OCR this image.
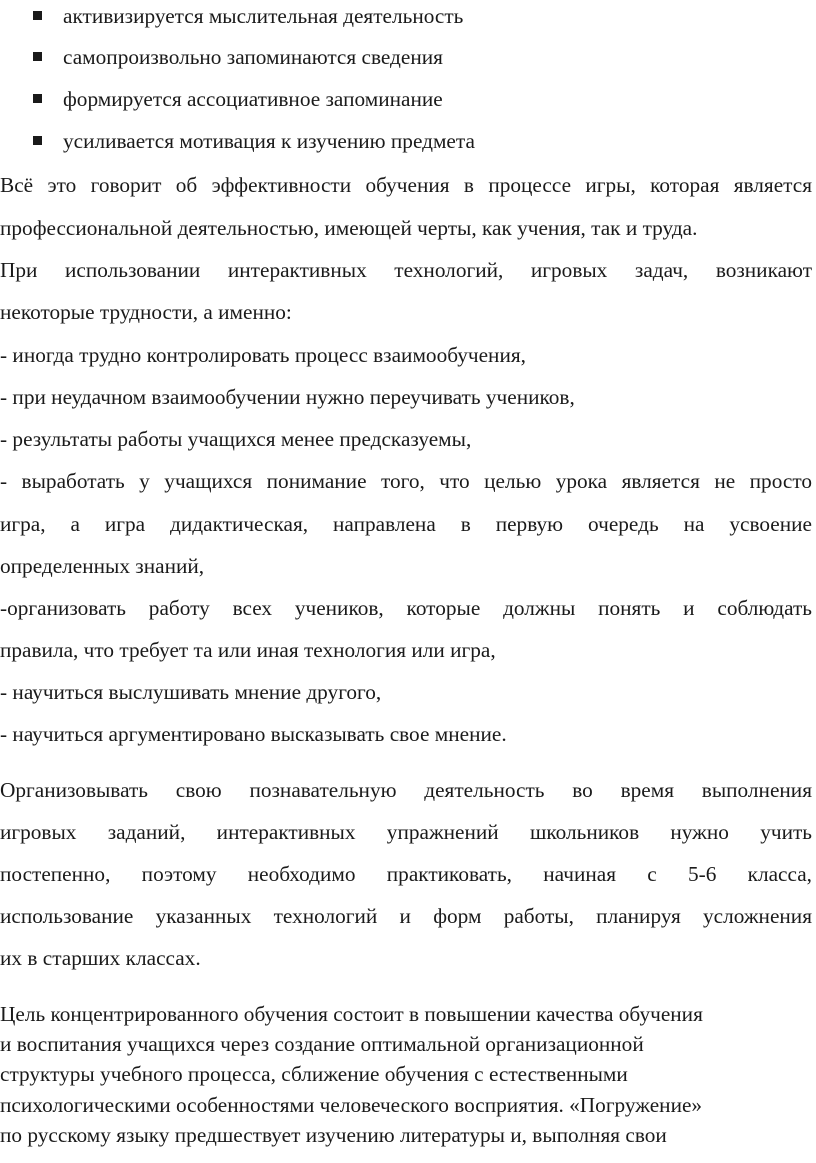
активизируется мыслительная деятельность
самопроизвольно запоминаются сведения
формируется ассоциативное запоминание
усиливается мотивация к изучению предмета
Всё это говорит об эффективности обучения в процессе игры, которая является
профессиональной деятельностью, имеющей черты, как учения, так и труда.
При использовании интерактивных технологий, игровых задач, возникают
некоторые трудности, а именно:
- иногда трудно контролировать процесс взаимообучения,
- при неудачном взаимообучении нужно переучивать учеников,
- результаты работы учащихся менее предсказуемы,
- выработать у учащихся понимание того, что целью урока является не просто
игра, а игра дидактическая, направлена в первую очередь на усвоение
определенных знаний,
-организовать работу всех учеников, которые должны понять и соблюдать
правила, что требует та или иная технология или игра,
- научиться выслушивать мнение другого,
- научиться аргументировано высказывать свое мнение.
Организовывать свою познавательную деятельность во время выполнения
игровых заданий, интерактивных упражнений школьников нужно учить
постепенно, поэтому необходимо практиковать, начиная с 5-6 класса,
использование указанных технологий и форм работы, планируя усложнения
их в старших классах.
Цель концентрированного обучения состоит в повышении качества обучения
и воспитания учащихся через создание оптимальной организационной
структуры учебного процесса, сближение обучения с естественными
психологическими особенностями человеческого восприятия. «Погружение»
по русскому языку предшествует изучению литературы и, выполняя свои
